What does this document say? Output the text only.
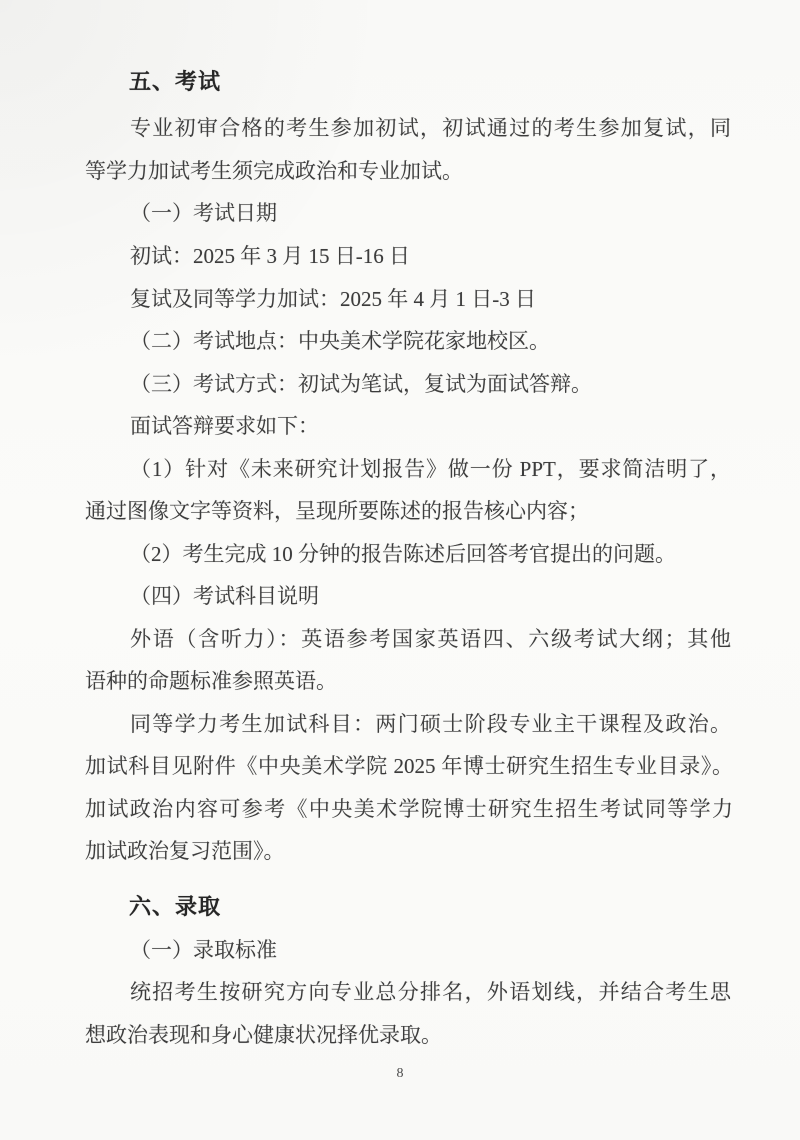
五、考试
专业初审合格的考生参加初试，初试通过的考生参加复试，同
等学力加试考生须完成政治和专业加试。
（一）考试日期
初试：2025 年 3 月 15 日-16 日
复试及同等学力加试：2025 年 4 月 1 日-3 日
（二）考试地点：中央美术学院花家地校区。
（三）考试方式：初试为笔试，复试为面试答辩。
面试答辩要求如下：
（1）针对《未来研究计划报告》做一份 PPT，要求简洁明了，
通过图像文字等资料，呈现所要陈述的报告核心内容；
（2）考生完成 10 分钟的报告陈述后回答考官提出的问题。
（四）考试科目说明
外语（含听力）：英语参考国家英语四、六级考试大纲；其他
语种的命题标准参照英语。
同等学力考生加试科目：两门硕士阶段专业主干课程及政治。
加试科目见附件《中央美术学院 2025 年博士研究生招生专业目录》。
加试政治内容可参考《中央美术学院博士研究生招生考试同等学力
加试政治复习范围》。
六、录取
（一）录取标准
统招考生按研究方向专业总分排名，外语划线，并结合考生思
想政治表现和身心健康状况择优录取。
8
